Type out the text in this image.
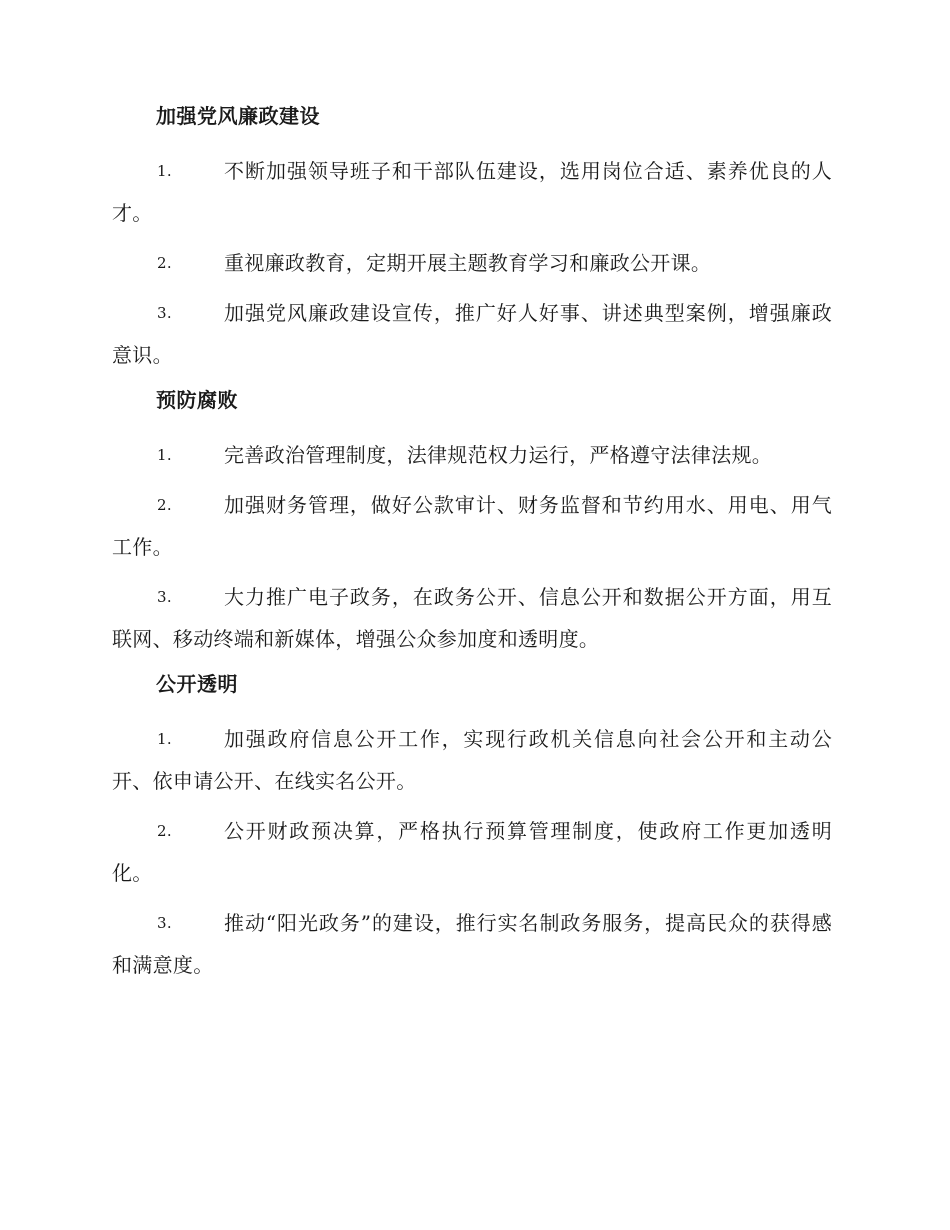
加强党风廉政建设
1.	不断加强领导班子和干部队伍建设，选用岗位合适、素养优良的人才。
2.	重视廉政教育，定期开展主题教育学习和廉政公开课。
3.	加强党风廉政建设宣传，推广好人好事、讲述典型案例，增强廉政意识。
预防腐败
1.	完善政治管理制度，法律规范权力运行，严格遵守法律法规。
2.	加强财务管理，做好公款审计、财务监督和节约用水、用电、用气工作。
3.	大力推广电子政务，在政务公开、信息公开和数据公开方面，用互联网、移动终端和新媒体，增强公众参加度和透明度。
公开透明
1.	加强政府信息公开工作，实现行政机关信息向社会公开和主动公开、依申请公开、在线实名公开。
2.	公开财政预决算，严格执行预算管理制度，使政府工作更加透明化。
3.	推动“阳光政务”的建设，推行实名制政务服务，提高民众的获得感和满意度。
